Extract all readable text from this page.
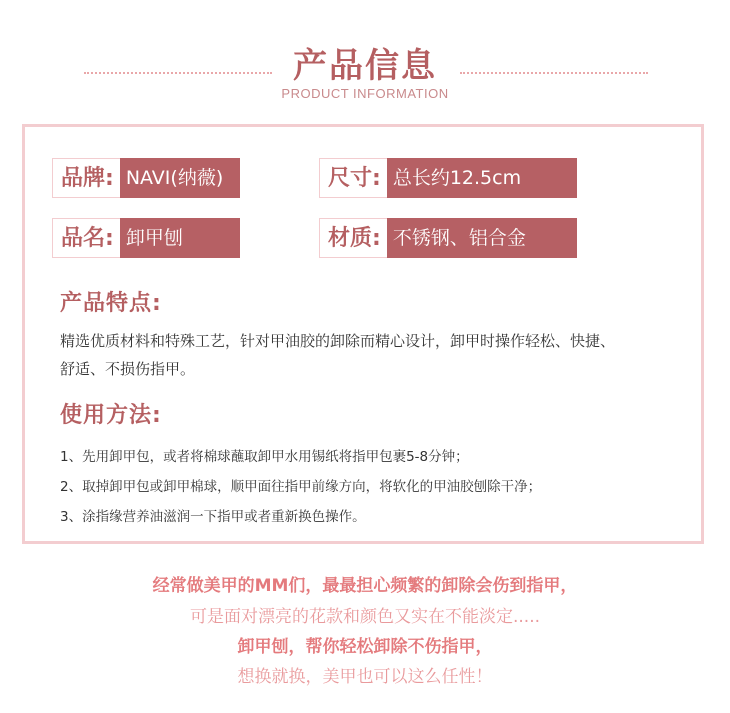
产品信息
PRODUCT INFORMATION
品牌: NAVI(纳薇)	尺寸: 总长约12.5cm
品名: 卸甲刨	材质: 不锈钢、铝合金
产品特点:
精选优质材料和特殊工艺，针对甲油胶的卸除而精心设计，卸甲时操作轻松、快捷、
舒适、不损伤指甲。
使用方法:
1、先用卸甲包，或者将棉球蘸取卸甲水用锡纸将指甲包裹5-8分钟；
2、取掉卸甲包或卸甲棉球，顺甲面往指甲前缘方向，将软化的甲油胶刨除干净；
3、涂指缘营养油滋润一下指甲或者重新换色操作。
经常做美甲的MM们，最最担心频繁的卸除会伤到指甲，
可是面对漂亮的花款和颜色又实在不能淡定.....
卸甲刨，帮你轻松卸除不伤指甲，
想换就换，美甲也可以这么任性！
